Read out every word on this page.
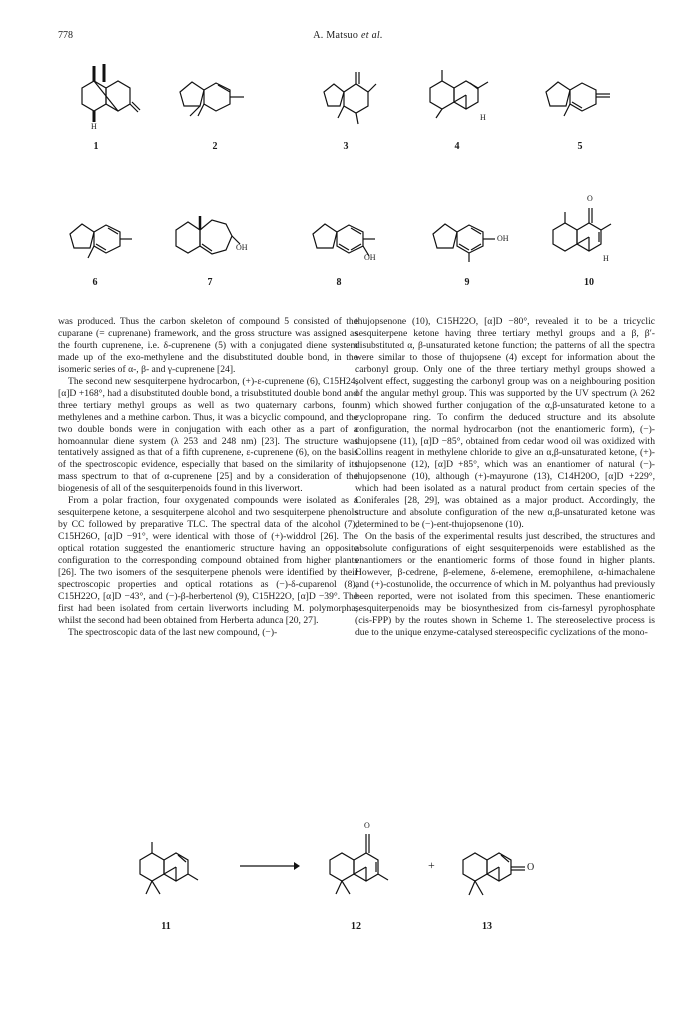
778	A. Matsuo et al.
H
1	2	3
H
4	5
6
OH
7
OH
8
OH
9
O
H
10

was produced. Thus the carbon skeleton of compound 5 consisted of the cuparane (= cuprenane) framework, and the gross structure was assigned as the fourth cuprenene, i.e. δ-cuprenene (5) with a conjugated diene system made up of the exo-methylene and the disubstituted double bond, in the isomeric series of α-, β- and γ-cuprenene [24].

The second new sesquiterpene hydrocarbon, (+)-ε-cuprenene (6), C15H24, [α]D +168°, had a disubstituted double bond, a trisubstituted double bond and three tertiary methyl groups as well as two quaternary carbons, four methylenes and a methine carbon. Thus, it was a bicyclic compound, and the two double bonds were in conjugation with each other as a part of a homoannular diene system (λ 253 and 248 nm) [23]. The structure was tentatively assigned as that of a fifth cuprenene, ε-cuprenene (6), on the basis of the spectroscopic evidence, especially that based on the similarity of its mass spectrum to that of α-cuprenene [25] and by a consideration of the biogenesis of all of the sesquiterpenoids found in this liverwort.

From a polar fraction, four oxygenated compounds were isolated as a sesquiterpene ketone, a sesquiterpene alcohol and two sesquiterpene phenols by CC followed by preparative TLC. The spectral data of the alcohol (7), C15H26O, [α]D −91°, were identical with those of (+)-widdrol [26]. The optical rotation suggested the enantiomeric structure having an opposite configuration to the corresponding compound obtained from higher plants [26]. The two isomers of the sesquiterpene phenols were identified by their spectroscopic properties and optical rotations as (−)-δ-cuparenol (8), C15H22O, [α]D −43°, and (−)-β-herbertenol (9), C15H22O, [α]D −39°. The first had been isolated from certain liverworts including M. polymorpha, whilst the second had been obtained from Herberta adunca [20, 27].

The spectroscopic data of the last new compound, (−)-

thujopsenone (10), C15H22O, [α]D −80°, revealed it to be a tricyclic sesquiterpene ketone having three tertiary methyl groups and a β, β′-disubstituted α, β-unsaturated ketone function; the patterns of all the spectra were similar to those of thujopsene (4) except for information about the carbonyl group. Only one of the three tertiary methyl groups showed a solvent effect, suggesting the carbonyl group was on a neighbouring position of the angular methyl group. This was supported by the UV spectrum (λ 262 nm) which showed further conjugation of the α,β-unsaturated ketone to a cyclopropane ring. To confirm the deduced structure and its absolute configuration, the normal hydrocarbon (not the enantiomeric form), (−)-thujopsene (11), [α]D −85°, obtained from cedar wood oil was oxidized with Collins reagent in methylene chloride to give an α,β-unsaturated ketone, (+)-thujopsenone (12), [α]D +85°, which was an enantiomer of natural (−)-thujopsenone (10), although (+)-mayurone (13), C14H20O, [α]D +229°, which had been isolated as a natural product from certain species of the Coniferales [28, 29], was obtained as a major product. Accordingly, the structure and absolute configuration of the new α,β-unsaturated ketone was determined to be (−)-ent-thujopsenone (10).

On the basis of the experimental results just described, the structures and absolute configurations of eight sesquiterpenoids were established as the enantiomers or the enantiomeric forms of those found in higher plants. However, β-cedrene, β-elemene, δ-elemene, eremophilene, α-himachalene and (+)-costunolide, the occurrence of which in M. polyanthus had previously been reported, were not isolated from this specimen. These enantiomeric sesquiterpenoids may be biosynthesized from cis-farnesyl pyrophosphate (cis-FPP) by the routes shown in Scheme 1. The stereoselective process is due to the unique enzyme-catalysed stereospecific cyclizations of the mono-

11
O
12
+	O
13
